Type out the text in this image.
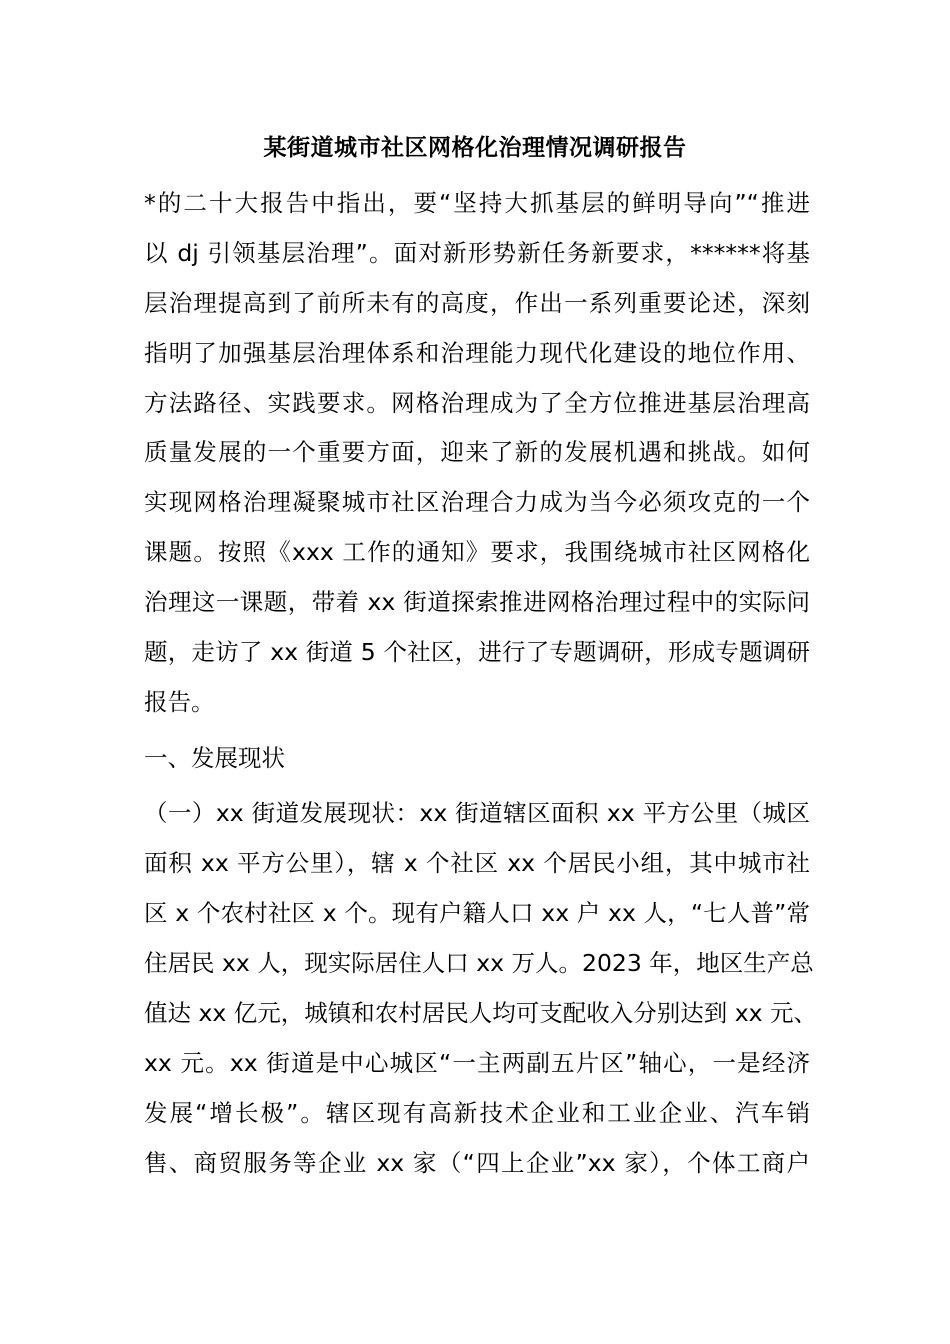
某街道城市社区网格化治理情况调研报告
*的二十大报告中指出，要“坚持大抓基层的鲜明导向”“推进
以 dj 引领基层治理”。面对新形势新任务新要求，******将基
层治理提高到了前所未有的高度，作出一系列重要论述，深刻
指明了加强基层治理体系和治理能力现代化建设的地位作用、
方法路径、实践要求。网格治理成为了全方位推进基层治理高
质量发展的一个重要方面，迎来了新的发展机遇和挑战。如何
实现网格治理凝聚城市社区治理合力成为当今必须攻克的一个
课题。按照《xxx 工作的通知》要求，我围绕城市社区网格化
治理这一课题，带着 xx 街道探索推进网格治理过程中的实际问
题，走访了 xx 街道 5 个社区，进行了专题调研，形成专题调研
报告。
一、发展现状
（一）xx 街道发展现状：xx 街道辖区面积 xx 平方公里（城区
面积 xx 平方公里），辖 x 个社区 xx 个居民小组，其中城市社
区 x 个农村社区 x 个。现有户籍人口 xx 户 xx 人，“七人普”常
住居民 xx 人，现实际居住人口 xx 万人。2023 年，地区生产总
值达 xx 亿元，城镇和农村居民人均可支配收入分别达到 xx 元、
xx 元。xx 街道是中心城区“一主两副五片区”轴心，一是经济
发展“增长极”。辖区现有高新技术企业和工业企业、汽车销
售、商贸服务等企业 xx 家（“四上企业”xx 家），个体工商户
